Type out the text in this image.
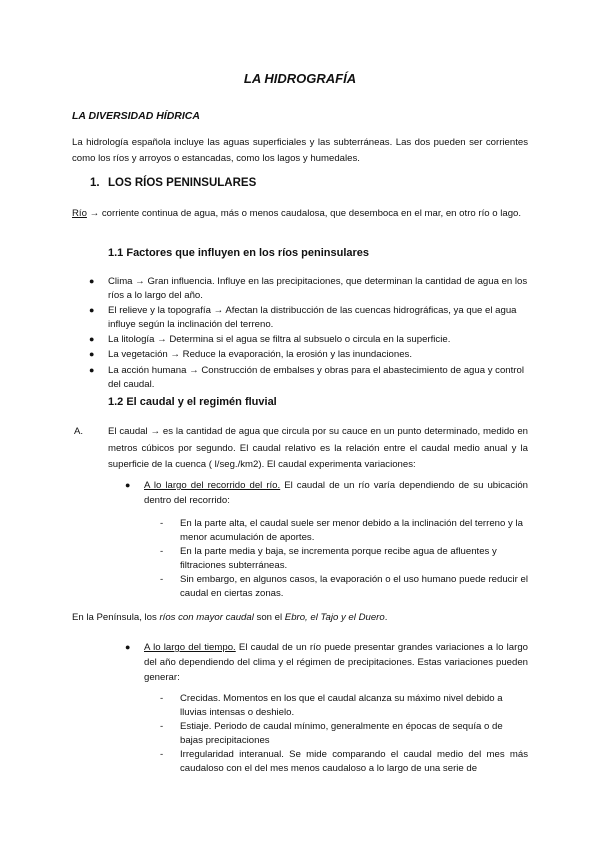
LA HIDROGRAFÍA
LA DIVERSIDAD HÍDRICA
La hidrología española incluye las aguas superficiales y las subterráneas. Las dos pueden ser corrientes como los ríos y arroyos o estancadas, como los lagos y humedales.
1. LOS RÍOS PENINSULARES
Río → corriente continua de agua, más o menos caudalosa, que desemboca en el mar, en otro río o lago.
1.1 Factores que influyen en los ríos peninsulares
● Clima → Gran influencia. Influye en las precipitaciones, que determinan la cantidad de agua en los ríos a lo largo del año.
● El relieve y la topografía → Afectan la distribucción de las cuencas hidrográficas, ya que el agua influye según la inclinación del terreno.
● La litología → Determina si el agua se filtra al subsuelo o circula en la superficie.
● La vegetación → Reduce la evaporación, la erosión y las inundaciones.
● La acción humana → Construcción de embalses y obras para el abastecimiento de agua y control del caudal.
1.2 El caudal y el regimén fluvial
A.	El caudal → es la cantidad de agua que circula por su cauce en un punto determinado, medido en metros cúbicos por segundo. El caudal relativo es la relación entre el caudal medio anual y la superficie de la cuenca ( l/seg./km2). El caudal experimenta variaciones:
● A lo largo del recorrido del río. El caudal de un río varía dependiendo de su ubicación dentro del recorrido:
- En la parte alta, el caudal suele ser menor debido a la inclinación del terreno y la menor acumulación de aportes.
- En la parte media y baja, se incrementa porque recibe agua de afluentes y filtraciones subterráneas.
- Sin embargo, en algunos casos, la evaporación o el uso humano puede reducir el caudal en ciertas zonas.
En la Península, los ríos con mayor caudal son el Ebro, el Tajo y el Duero.
● A lo largo del tiempo. El caudal de un río puede presentar grandes variaciones a lo largo del año dependiendo del clima y el régimen de precipitaciones. Estas variaciones pueden generar:
- Crecidas. Momentos en los que el caudal alcanza su máximo nivel debido a lluvias intensas o deshielo.
- Estiaje. Periodo de caudal mínimo, generalmente en épocas de sequía o de bajas precipitaciones
- Irregularidad interanual. Se mide comparando el caudal medio del mes más caudaloso con el del mes menos caudaloso a lo largo de una serie de
